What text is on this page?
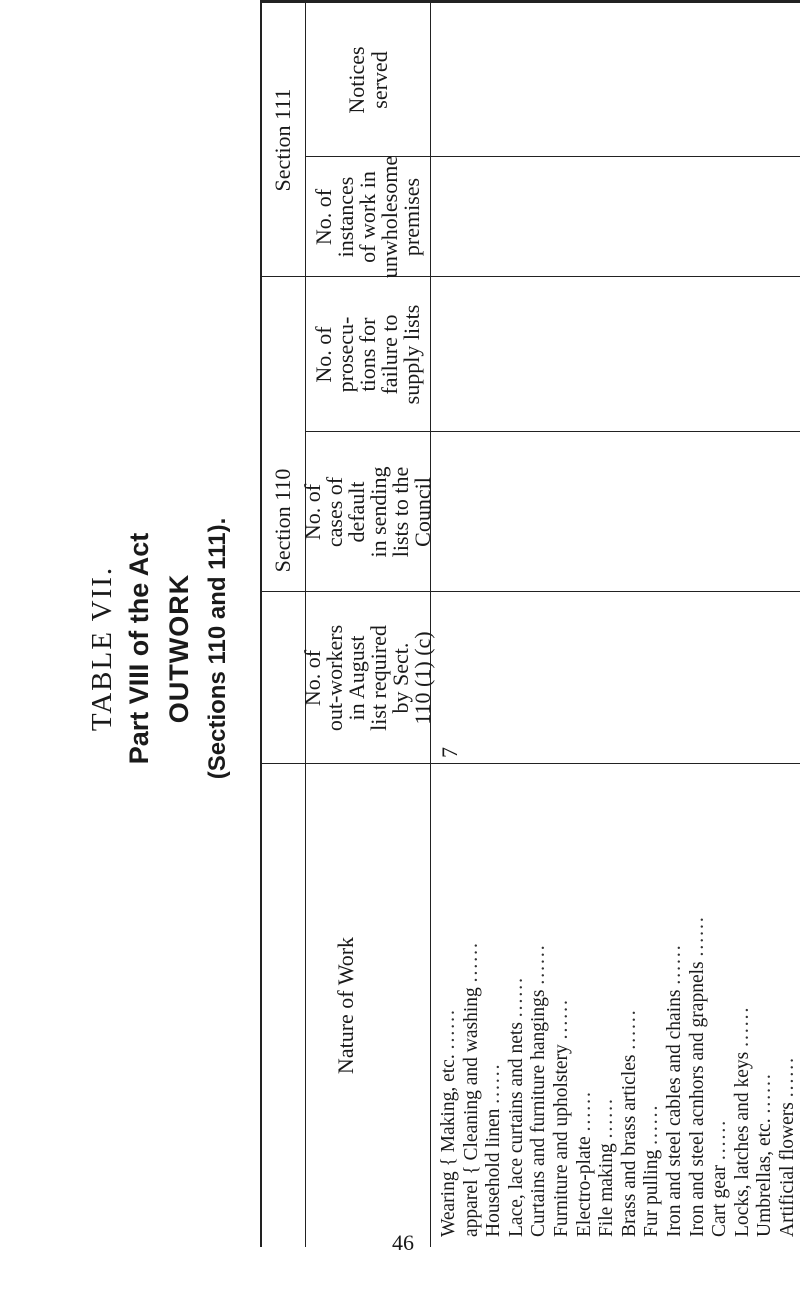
TABLE VII. Part VIII of the Act OUTWORK (Sections 110 and 111).
Nature of Work
Section 110
Section 111
No. of
out-workers
in August
list required
by Sect.
110 (1) (c)
No. of
cases of
default
in sending
lists to the
Council
No. of
prosecu-
tions for
failure to
supply lists
No. of
instances
of work in
unwholesome
premises
Notices
served
Wearing { Making, etc. ...... apparel { Cleaning and washing ......
Household linen ...... Lace, lace curtains and nets ...... Curtains and furniture hangings ......
Furniture and upholstery ......
Electro-plate ......
File making ...... Brass and brass articles ......
Fur pulling ...... Iron and steel cables and chains ...... Iron and steel acnhors and grapnels ......
Cart gear ...... Locks, latches and keys ......
Umbrellas, etc. ......
Artificial flowers ......
7
46
